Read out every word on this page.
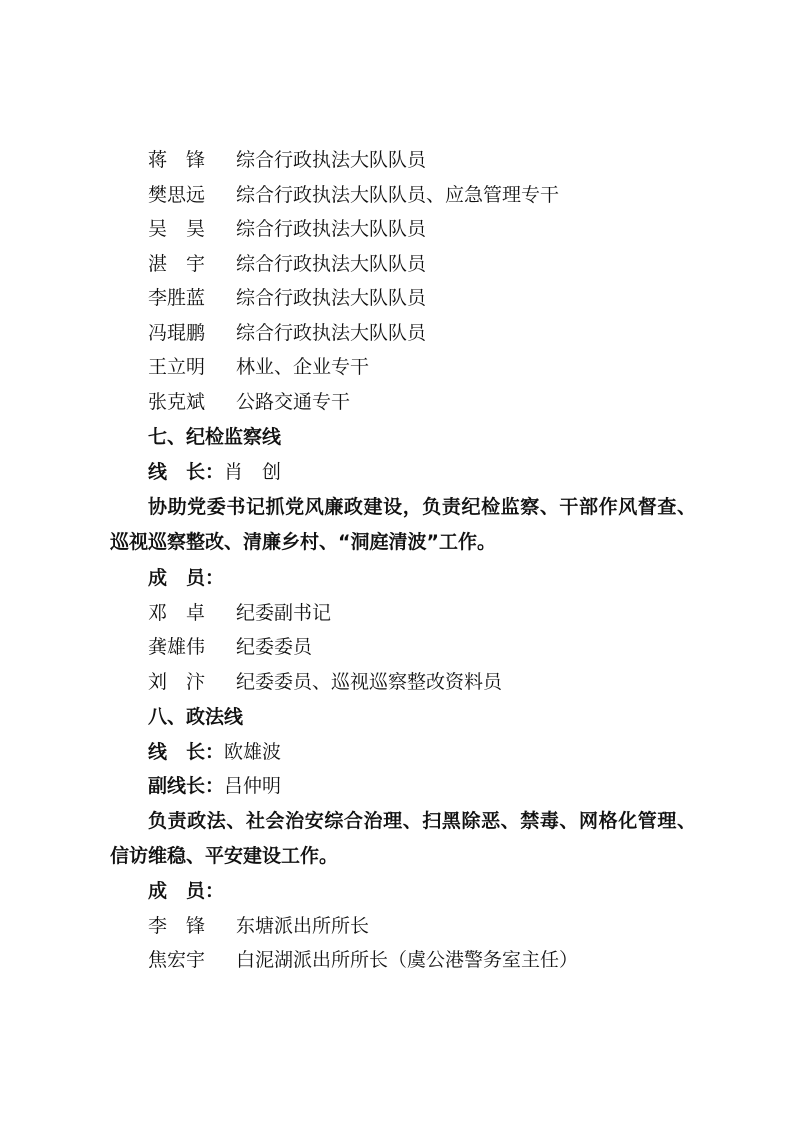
蒋　锋 综合行政执法大队队员
樊思远 综合行政执法大队队员、应急管理专干
吴　昊 综合行政执法大队队员
湛　宇 综合行政执法大队队员
李胜蓝 综合行政执法大队队员
冯琨鹏 综合行政执法大队队员
王立明 林业、企业专干
张克斌 公路交通专干
七、纪检监察线
线　长：肖　创
协助党委书记抓党风廉政建设，负责纪检监察、干部作风督查、巡视巡察整改、清廉乡村、“洞庭清波”工作。
成　员：
邓　卓 纪委副书记
龚雄伟 纪委委员
刘　汴 纪委委员、巡视巡察整改资料员
八、政法线
线　长：欧雄波
副线长：吕仲明
负责政法、社会治安综合治理、扫黑除恶、禁毒、网格化管理、信访维稳、平安建设工作。
成　员：
李　锋 东塘派出所所长
焦宏宇 白泥湖派出所所长（虞公港警务室主任）
